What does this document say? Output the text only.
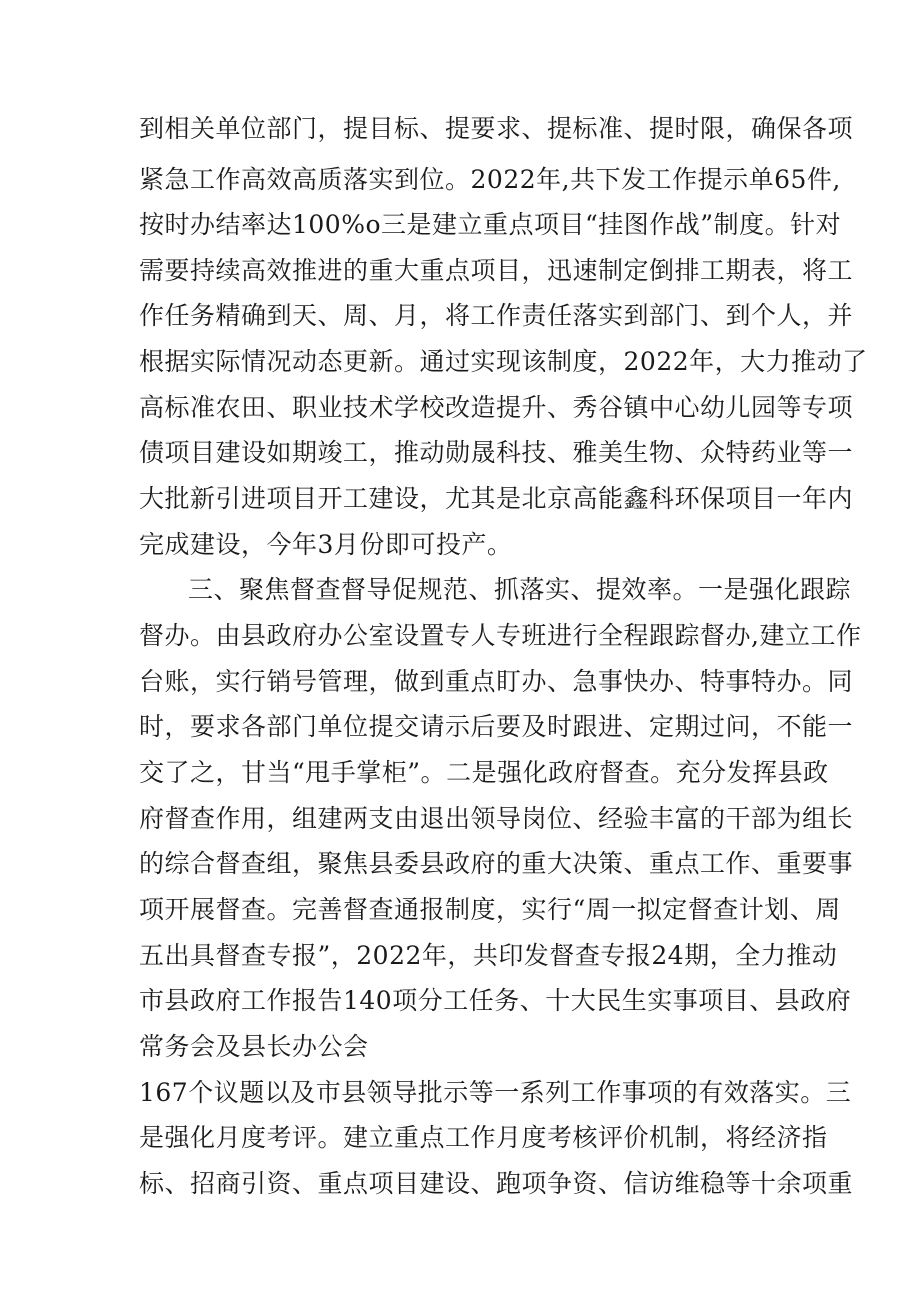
到相关单位部门，提目标、提要求、提标准、提时限，确保各项
紧急工作高效高质落实到位。2022年,共下发工作提示单65件,
按时办结率达100%o三是建立重点项目“挂图作战”制度。针对
需要持续高效推进的重大重点项目，迅速制定倒排工期表，将工
作任务精确到天、周、月，将工作责任落实到部门、到个人，并
根据实际情况动态更新。通过实现该制度，2022年，大力推动了
高标准农田、职业技术学校改造提升、秀谷镇中心幼儿园等专项
债项目建设如期竣工，推动勋晟科技、雅美生物、众特药业等一
大批新引进项目开工建设，尤其是北京高能鑫科环保项目一年内
完成建设，今年3月份即可投产。
三、聚焦督查督导促规范、抓落实、提效率。一是强化跟踪
督办。由县政府办公室设置专人专班进行全程跟踪督办,建立工作
台账，实行销号管理，做到重点盯办、急事快办、特事特办。同
时，要求各部门单位提交请示后要及时跟进、定期过问，不能一
交了之，甘当“甩手掌柜”。二是强化政府督查。充分发挥县政
府督查作用，组建两支由退出领导岗位、经验丰富的干部为组长
的综合督查组，聚焦县委县政府的重大决策、重点工作、重要事
项开展督查。完善督查通报制度，实行“周一拟定督查计划、周
五出具督查专报”，2022年，共印发督查专报24期，全力推动
市县政府工作报告140项分工任务、十大民生实事项目、县政府
常务会及县长办公会
167个议题以及市县领导批示等一系列工作事项的有效落实。三
是强化月度考评。建立重点工作月度考核评价机制，将经济指
标、招商引资、重点项目建设、跑项争资、信访维稳等十余项重
